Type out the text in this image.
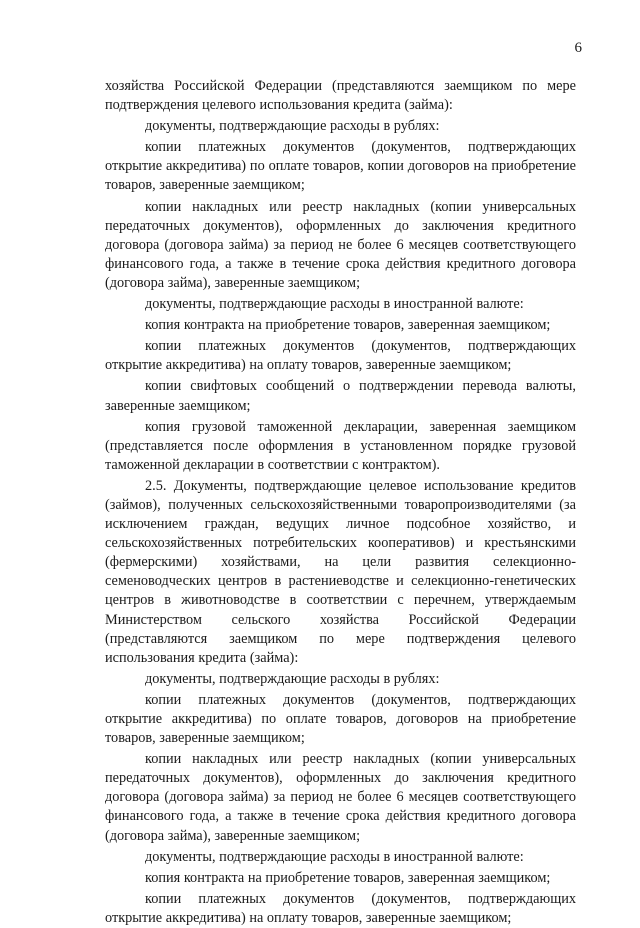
6

хозяйства Российской Федерации (представляются заемщиком по мере подтверждения целевого использования кредита (займа):

документы, подтверждающие расходы в рублях:

копии платежных документов (документов, подтверждающих открытие аккредитива) по оплате товаров, копии договоров на приобретение товаров, заверенные заемщиком;

копии накладных или реестр накладных (копии универсальных передаточных документов), оформленных до заключения кредитного договора (договора займа) за период не более 6 месяцев соответствующего финансового года, а также в течение срока действия кредитного договора (договора займа), заверенные заемщиком;

документы, подтверждающие расходы в иностранной валюте:

копия контракта на приобретение товаров, заверенная заемщиком;

копии платежных документов (документов, подтверждающих открытие аккредитива) на оплату товаров, заверенные заемщиком;

копии свифтовых сообщений о подтверждении перевода валюты, заверенные заемщиком;

копия грузовой таможенной декларации, заверенная заемщиком (представляется после оформления в установленном порядке грузовой таможенной декларации в соответствии с контрактом).

2.5. Документы, подтверждающие целевое использование кредитов (займов), полученных сельскохозяйственными товаропроизводителями (за исключением граждан, ведущих личное подсобное хозяйство, и сельскохозяйственных потребительских кооперативов) и крестьянскими (фермерскими) хозяйствами, на цели развития селекционно-семеноводческих центров в растениеводстве и селекционно-генетических центров в животноводстве в соответствии с перечнем, утверждаемым Министерством сельского хозяйства Российской Федерации (представляются заемщиком по мере подтверждения целевого использования кредита (займа):

документы, подтверждающие расходы в рублях:

копии платежных документов (документов, подтверждающих открытие аккредитива) по оплате товаров, договоров на приобретение товаров, заверенные заемщиком;

копии накладных или реестр накладных (копии универсальных передаточных документов), оформленных до заключения кредитного договора (договора займа) за период не более 6 месяцев соответствующего финансового года, а также в течение срока действия кредитного договора (договора займа), заверенные заемщиком;

документы, подтверждающие расходы в иностранной валюте:

копия контракта на приобретение товаров, заверенная заемщиком;

копии платежных документов (документов, подтверждающих открытие аккредитива) на оплату товаров, заверенные заемщиком;
